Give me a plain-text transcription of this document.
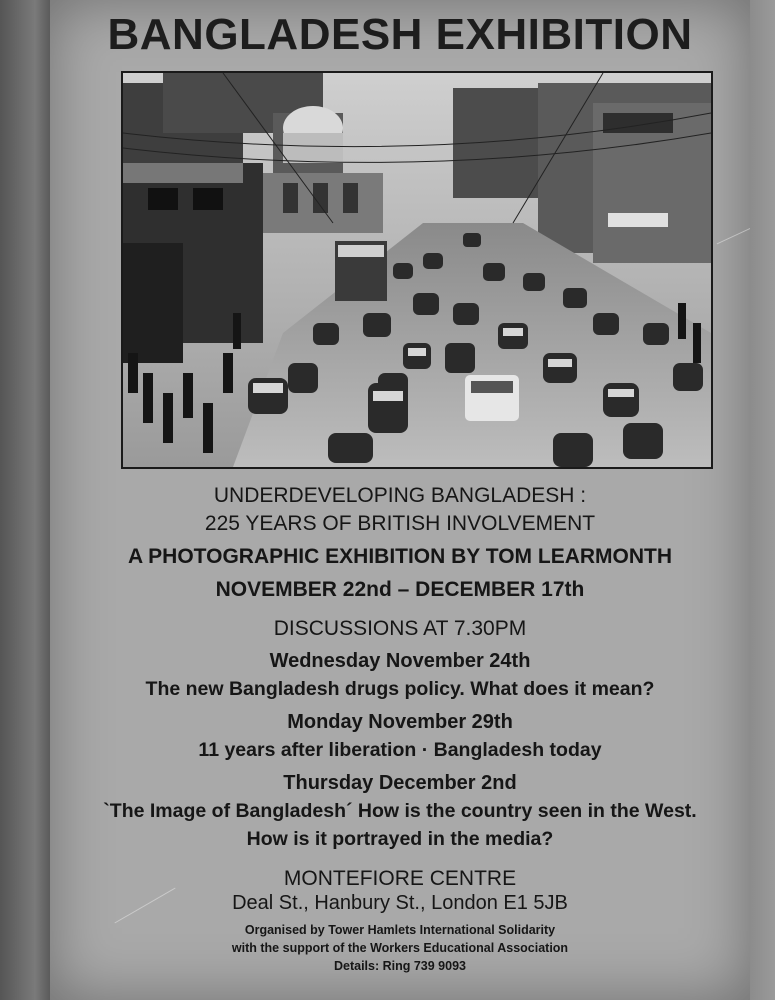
BANGLADESH EXHIBITION
UNDERDEVELOPING BANGLADESH :
225 YEARS OF BRITISH INVOLVEMENT
A PHOTOGRAPHIC EXHIBITION BY TOM LEARMONTH
NOVEMBER 22nd – DECEMBER 17th
DISCUSSIONS AT 7.30PM
Wednesday November 24th
The new Bangladesh drugs policy. What does it mean?
Monday November 29th
11 years after liberation · Bangladesh today
Thursday December 2nd
`The Image of Bangladesh´ How is the country seen in the West.
How is it portrayed in the media?
MONTEFIORE CENTRE
Deal St., Hanbury St., London E1 5JB
Organised by Tower Hamlets International Solidarity
with the support of the Workers Educational Association
Details: Ring 739 9093
